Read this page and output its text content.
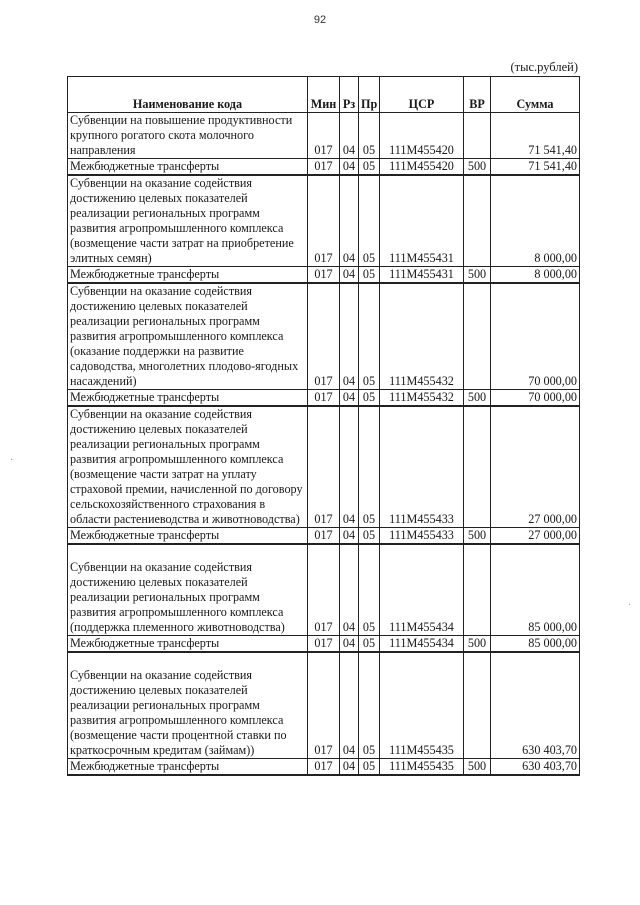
92
(тыс.рублей)
Наименование кода	Мин	Рз	Пр	ЦСР	ВР	Сумма
Субвенции на повышение продуктивности крупного рогатого скота молочного направления	017	04	05	111М455420		71 541,40
Межбюджетные трансферты	017	04	05	111М455420	500	71 541,40
Субвенции на оказание содействия достижению целевых показателей реализации региональных программ развития агропромышленного комплекса (возмещение части затрат на приобретение элитных семян)	017	04	05	111М455431		8 000,00
Межбюджетные трансферты	017	04	05	111М455431	500	8 000,00
Субвенции на оказание содействия достижению целевых показателей реализации региональных программ развития агропромышленного комплекса (оказание поддержки на развитие садоводства, многолетних плодово-ягодных насаждений)	017	04	05	111М455432		70 000,00
Межбюджетные трансферты	017	04	05	111М455432	500	70 000,00
Субвенции на оказание содействия достижению целевых показателей реализации региональных программ развития агропромышленного комплекса (возмещение части затрат на уплату страховой премии, начисленной по договору сельскохозяйственного страхования в области растениеводства и животноводства)	017	04	05	111М455433		27 000,00
Межбюджетные трансферты	017	04	05	111М455433	500	27 000,00

Субвенции на оказание содействия достижению целевых показателей реализации региональных программ развития агропромышленного комплекса (поддержка племенного животноводства)	017	04	05	111М455434		85 000,00
Межбюджетные трансферты	017	04	05	111М455434	500	85 000,00

Субвенции на оказание содействия достижению целевых показателей реализации региональных программ развития агропромышленного комплекса (возмещение части процентной ставки по краткосрочным кредитам (займам))	017	04	05	111М455435		630 403,70
Межбюджетные трансферты	017	04	05	111М455435	500	630 403,70
·
·
